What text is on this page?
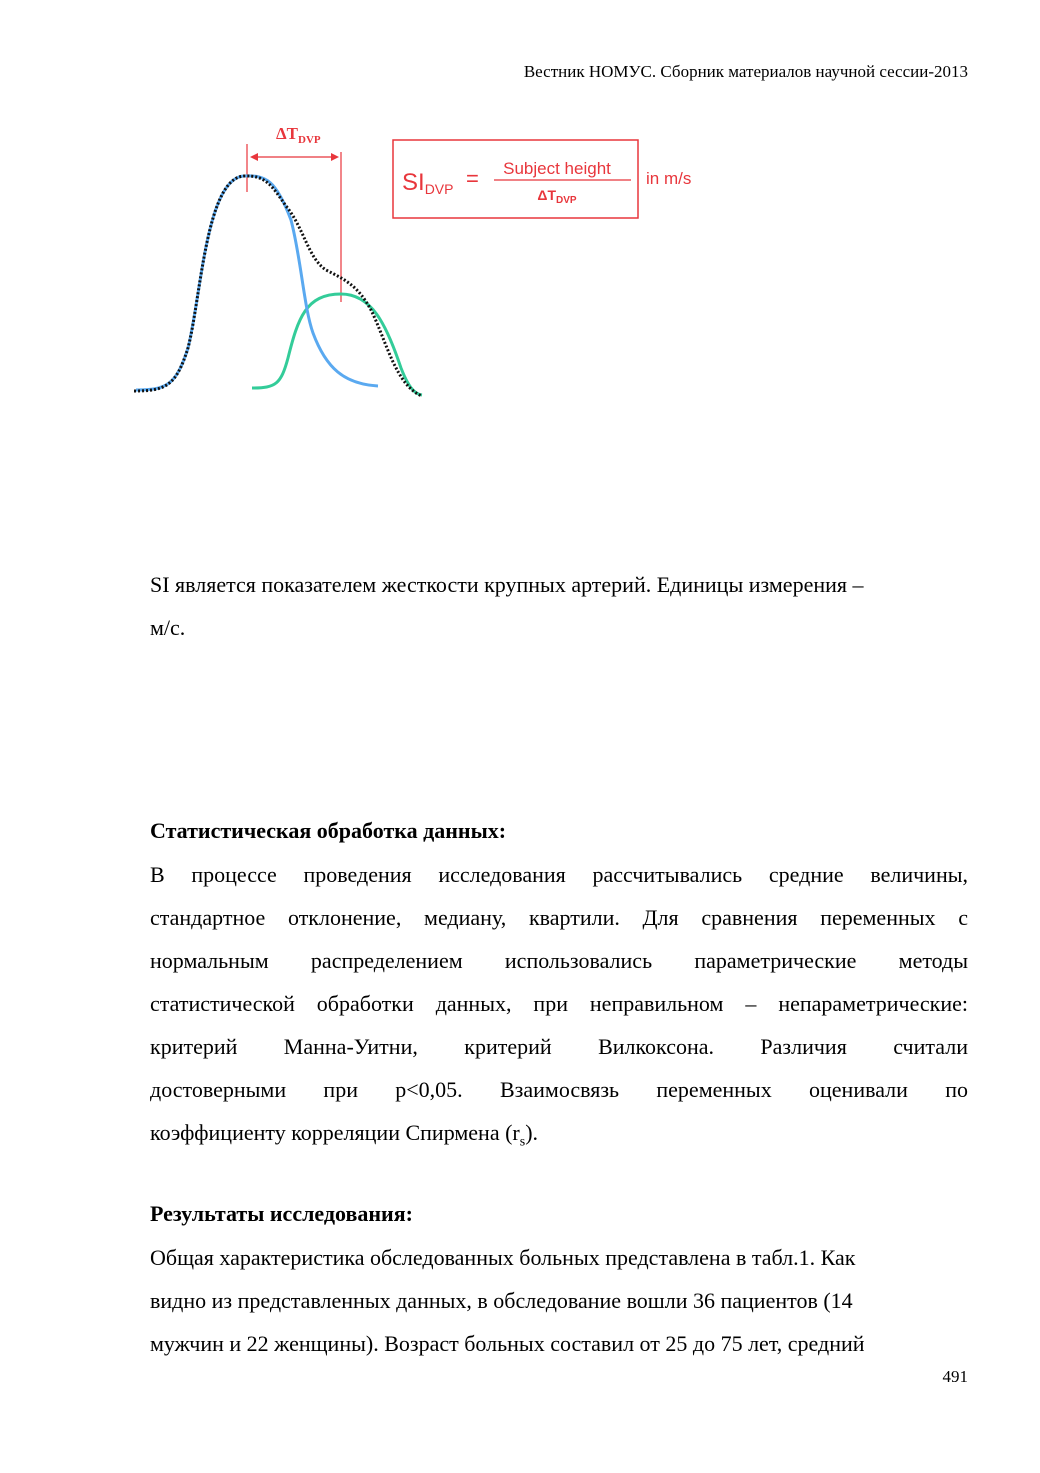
Вестник НОМУС. Сборник материалов научной сессии-2013
$\Delta T_{DVP}$
SIDVP = Subject height
$\Delta T_{DVP}$
in m/s

SI является показателем жесткости крупных артерий. Единицы измерения –
м/с.

Статистическая обработка данных:
В процессе проведения исследования рассчитывались средние величины,
стандартное отклонение, медиану, квартили. Для сравнения переменных с
нормальным распределением использовались параметрические методы
статистической обработки данных, при неправильном – непараметрические:
критерий Манна-Уитни, критерий Вилкоксона. Различия считали
достоверными при p<0,05. Взаимосвязь переменных оценивали по
коэффициенту корреляции Спирмена $(r_s)$.
Результаты исследования:
Общая характеристика обследованных больных представлена в табл.1. Как
видно из представленных данных, в обследование вошли 36 пациентов (14
мужчин и 22 женщины). Возраст больных составил от 25 до 75 лет, средний
491
